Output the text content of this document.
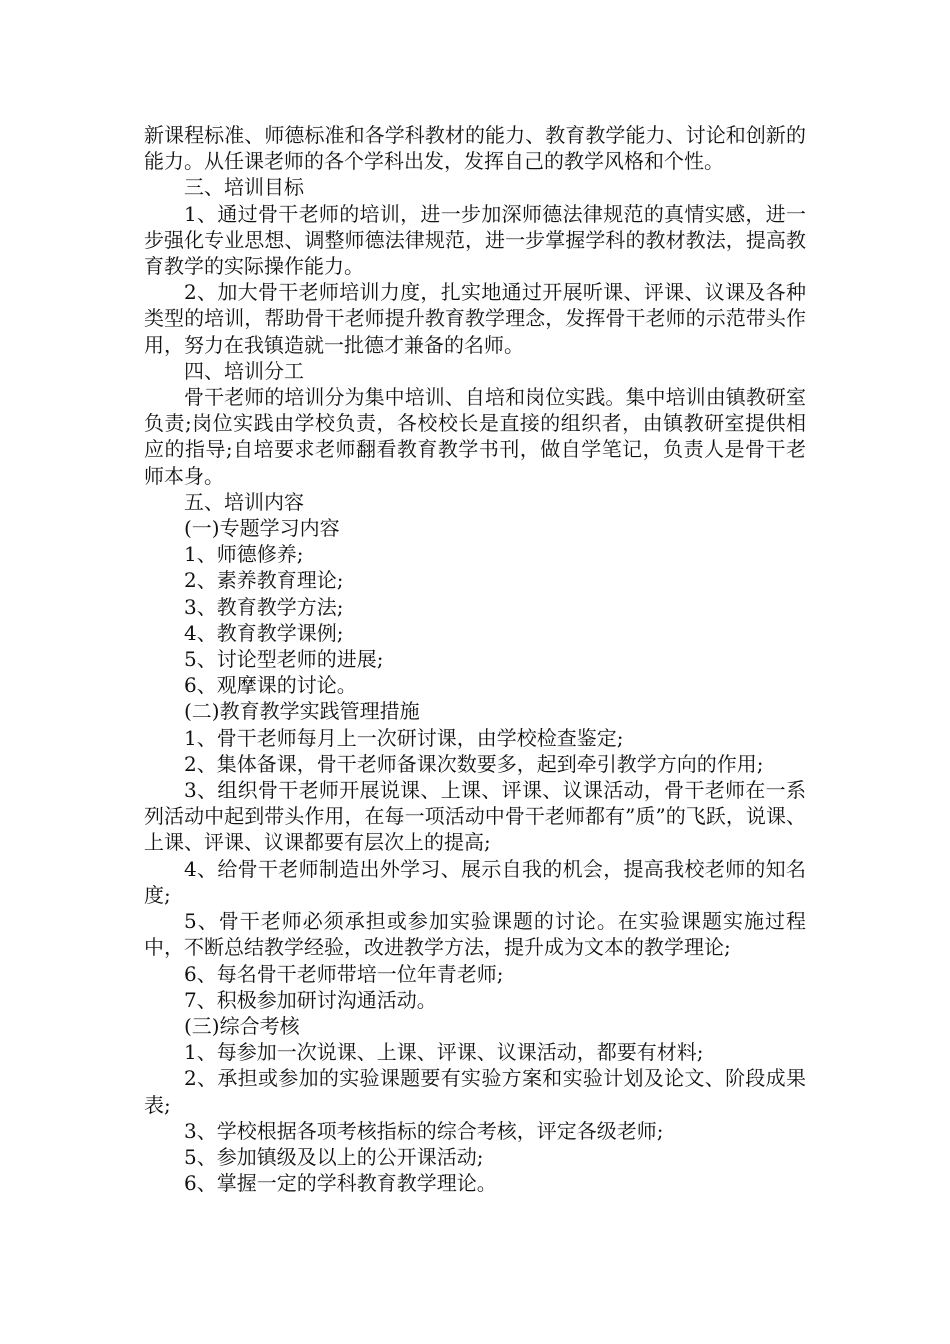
新课程标准、师德标准和各学科教材的能力、教育教学能力、讨论和创新的能力。从任课老师的各个学科出发，发挥自己的教学风格和个性。

三、培训目标

1、通过骨干老师的培训，进一步加深师德法律规范的真情实感，进一步强化专业思想、调整师德法律规范，进一步掌握学科的教材教法，提高教育教学的实际操作能力。

2、加大骨干老师培训力度，扎实地通过开展听课、评课、议课及各种类型的培训，帮助骨干老师提升教育教学理念，发挥骨干老师的示范带头作用，努力在我镇造就一批德才兼备的名师。

四、培训分工

骨干老师的培训分为集中培训、自培和岗位实践。集中培训由镇教研室负责;岗位实践由学校负责，各校校长是直接的组织者，由镇教研室提供相应的指导;自培要求老师翻看教育教学书刊，做自学笔记，负责人是骨干老师本身。

五、培训内容

(一)专题学习内容

1、师德修养;

2、素养教育理论;

3、教育教学方法;

4、教育教学课例;

5、讨论型老师的进展;

6、观摩课的讨论。

(二)教育教学实践管理措施

1、骨干老师每月上一次研讨课，由学校检查鉴定;

2、集体备课，骨干老师备课次数要多，起到牵引教学方向的作用;

3、组织骨干老师开展说课、上课、评课、议课活动，骨干老师在一系列活动中起到带头作用，在每一项活动中骨干老师都有”质”的飞跃，说课、上课、评课、议课都要有层次上的提高;

4、给骨干老师制造出外学习、展示自我的机会，提高我校老师的知名度;

5、骨干老师必须承担或参加实验课题的讨论。在实验课题实施过程中，不断总结教学经验，改进教学方法，提升成为文本的教学理论;

6、每名骨干老师带培一位年青老师;

7、积极参加研讨沟通活动。

(三)综合考核

1、每参加一次说课、上课、评课、议课活动，都要有材料;

2、承担或参加的实验课题要有实验方案和实验计划及论文、阶段成果表;

3、学校根据各项考核指标的综合考核，评定各级老师;

5、参加镇级及以上的公开课活动;

6、掌握一定的学科教育教学理论。
